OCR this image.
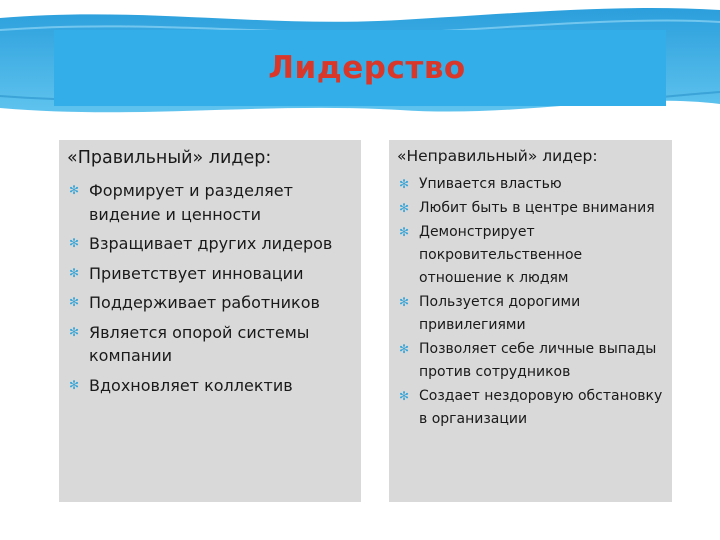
Лидерство
«Правильный» лидер:
✻ Формирует и разделяет видение и ценности
✻ Взращивает других лидеров
✻ Приветствует инновации
✻ Поддерживает работников
✻ Является опорой системы компании
✻ Вдохновляет коллектив
«Неправильный» лидер:
✻ Упивается властью
✻ Любит быть в центре внимания
✻ Демонстрирует покровительственное отношение к людям
✻ Пользуется дорогими привилегиями
✻ Позволяет себе личные выпады против сотрудников
✻ Создает нездоровую обстановку в организации
